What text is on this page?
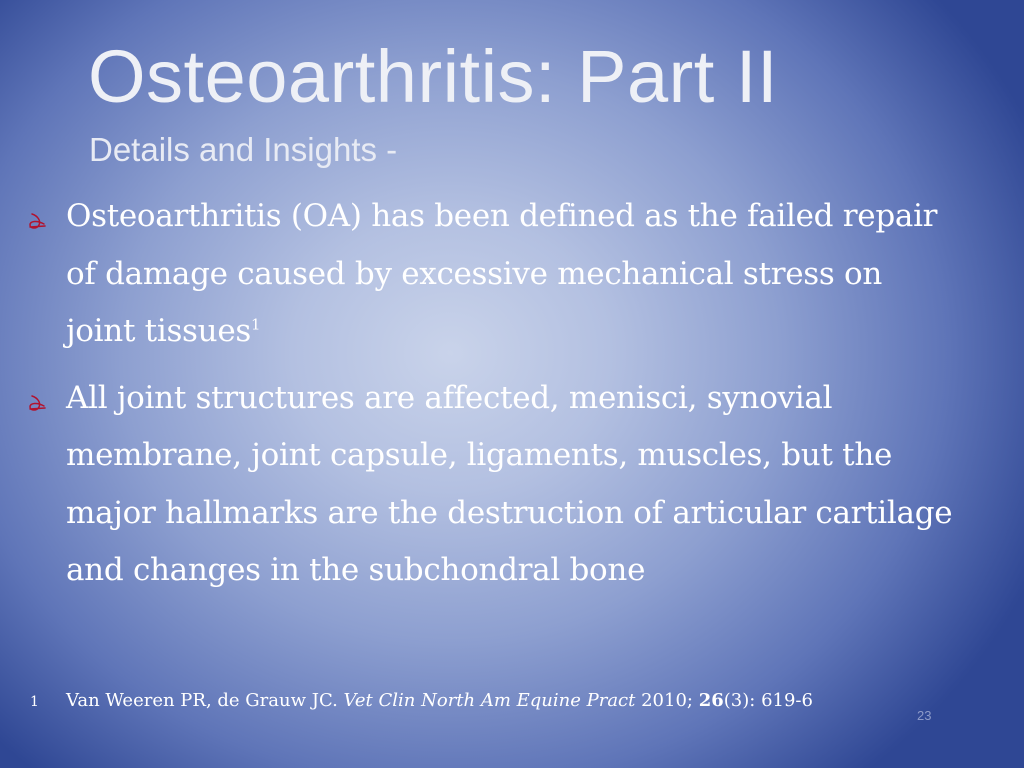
Osteoarthritis: Part II
Details and Insights -
Osteoarthritis (OA) has been defined as the failed repair of damage caused by excessive mechanical stress on joint tissues$^1$
All joint structures are affected, menisci, synovial membrane, joint capsule, ligaments, muscles, but the major hallmarks are the destruction of articular cartilage and changes in the subchondral bone
1 Van Weeren PR, de Grauw JC. Vet Clin North Am Equine Pract 2010; 26(3): 619-6
23
